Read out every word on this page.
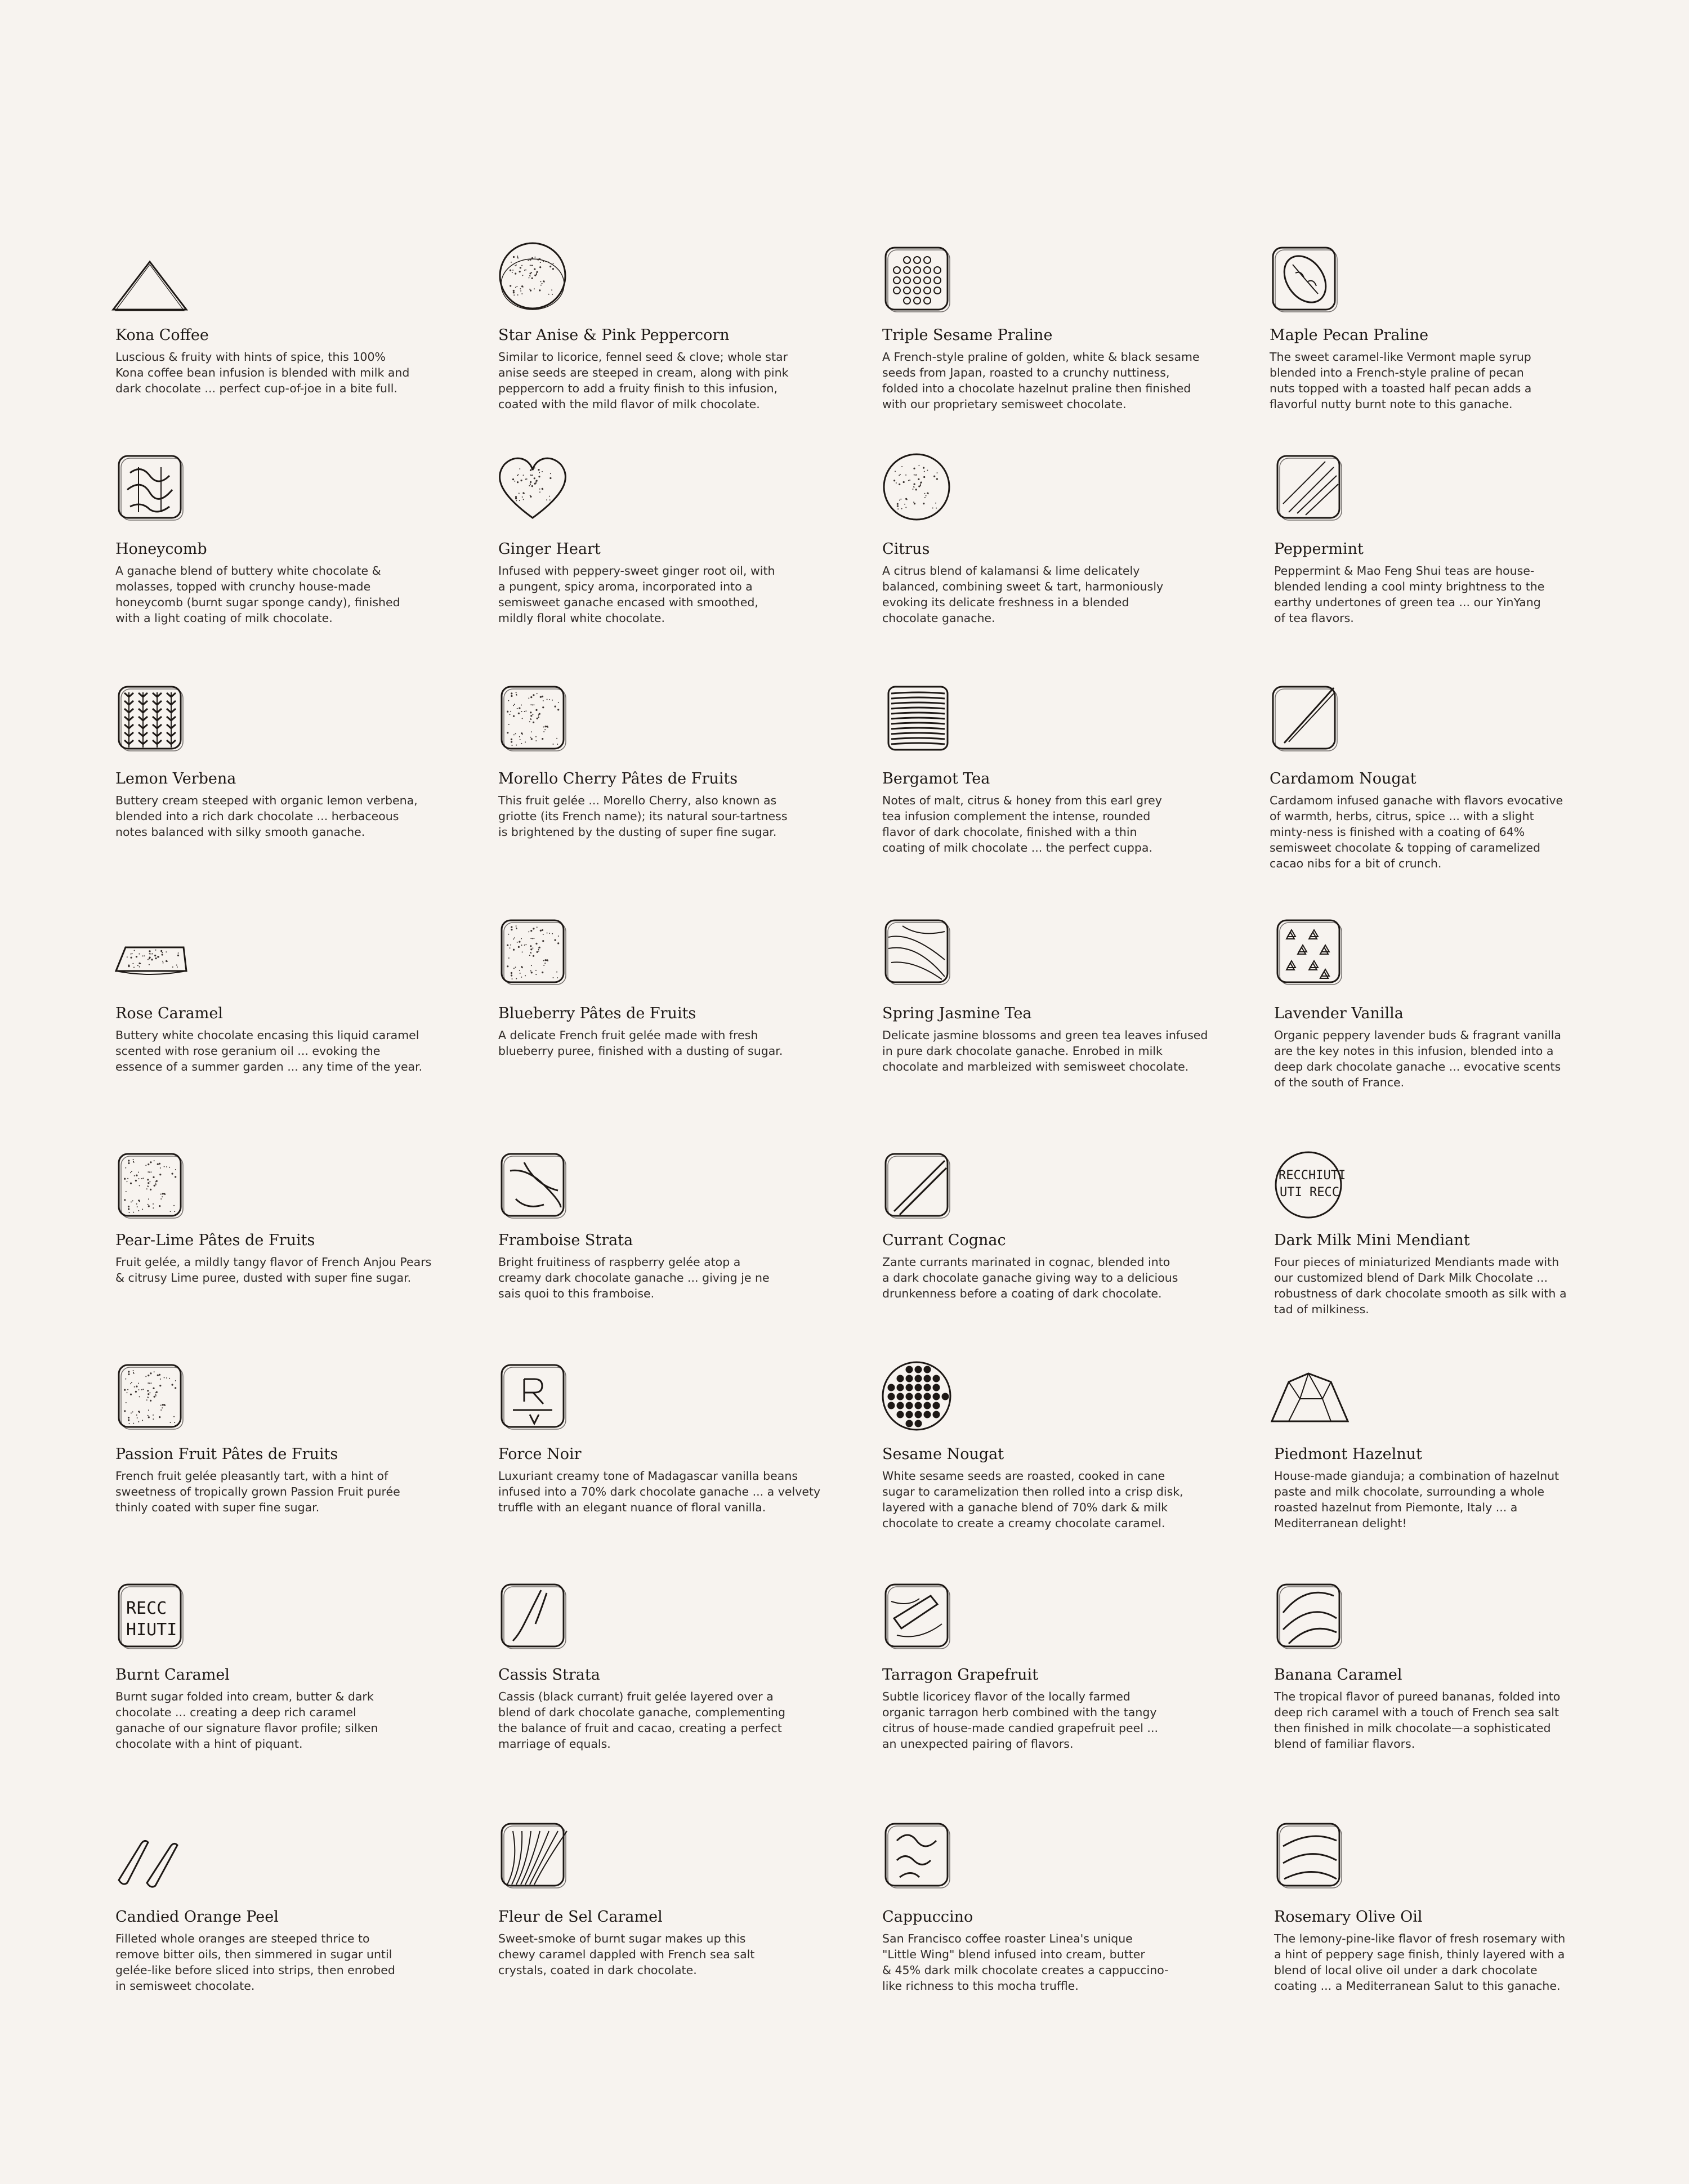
Kona Coffee

Luscious & fruity with hints of spice, this 100%
Kona coffee bean infusion is blended with milk and
dark chocolate ... perfect cup-of-joe in a bite full.

Star Anise & Pink Peppercorn

Similar to licorice, fennel seed & clove; whole star
anise seeds are steeped in cream, along with pink
peppercorn to add a fruity finish to this infusion,
coated with the mild flavor of milk chocolate.

Triple Sesame Praline

A French-style praline of golden, white & black sesame
seeds from Japan, roasted to a crunchy nuttiness,
folded into a chocolate hazelnut praline then finished
with our proprietary semisweet chocolate.

Maple Pecan Praline

The sweet caramel-like Vermont maple syrup
blended into a French-style praline of pecan
nuts topped with a toasted half pecan adds a
flavorful nutty burnt note to this ganache.

Honeycomb

A ganache blend of buttery white chocolate &
molasses, topped with crunchy house-made
honeycomb (burnt sugar sponge candy), finished
with a light coating of milk chocolate.

Ginger Heart

Infused with peppery-sweet ginger root oil, with
a pungent, spicy aroma, incorporated into a
semisweet ganache encased with smoothed,
mildly floral white chocolate.

Citrus

A citrus blend of kalamansi & lime delicately
balanced, combining sweet & tart, harmoniously
evoking its delicate freshness in a blended
chocolate ganache.

Peppermint

Peppermint & Mao Feng Shui teas are house-
blended lending a cool minty brightness to the
earthy undertones of green tea ... our YinYang
of tea flavors.

Lemon Verbena

Buttery cream steeped with organic lemon verbena,
blended into a rich dark chocolate ... herbaceous
notes balanced with silky smooth ganache.

Morello Cherry Pâtes de Fruits

This fruit gelée ... Morello Cherry, also known as
griotte (its French name); its natural sour-tartness
is brightened by the dusting of super fine sugar.

Bergamot Tea

Notes of malt, citrus & honey from this earl grey
tea infusion complement the intense, rounded
flavor of dark chocolate, finished with a thin
coating of milk chocolate ... the perfect cuppa.

Cardamom Nougat

Cardamom infused ganache with flavors evocative
of warmth, herbs, citrus, spice ... with a slight
minty-ness is finished with a coating of 64%
semisweet chocolate & topping of caramelized
cacao nibs for a bit of crunch.

Rose Caramel

Buttery white chocolate encasing this liquid caramel
scented with rose geranium oil ... evoking the
essence of a summer garden ... any time of the year.

Blueberry Pâtes de Fruits

A delicate French fruit gelée made with fresh
blueberry puree, finished with a dusting of sugar.

Spring Jasmine Tea

Delicate jasmine blossoms and green tea leaves infused
in pure dark chocolate ganache. Enrobed in milk
chocolate and marbleized with semisweet chocolate.

Lavender Vanilla

Organic peppery lavender buds & fragrant vanilla
are the key notes in this infusion, blended into a
deep dark chocolate ganache ... evocative scents
of the south of France.

Pear-Lime Pâtes de Fruits

Fruit gelée, a mildly tangy flavor of French Anjou Pears
& citrusy Lime puree, dusted with super fine sugar.

Framboise Strata

Bright fruitiness of raspberry gelée atop a
creamy dark chocolate ganache ... giving je ne
sais quoi to this framboise.

Currant Cognac

Zante currants marinated in cognac, blended into
a dark chocolate ganache giving way to a delicious
drunkenness before a coating of dark chocolate.

RECCHIUTI
UTI RECC
Dark Milk Mini Mendiant

Four pieces of miniaturized Mendiants made with
our customized blend of Dark Milk Chocolate ...
robustness of dark chocolate smooth as silk with a
tad of milkiness.

Passion Fruit Pâtes de Fruits

French fruit gelée pleasantly tart, with a hint of
sweetness of tropically grown Passion Fruit purée
thinly coated with super fine sugar.

Force Noir

Luxuriant creamy tone of Madagascar vanilla beans
infused into a 70% dark chocolate ganache ... a velvety
truffle with an elegant nuance of floral vanilla.

Sesame Nougat

White sesame seeds are roasted, cooked in cane
sugar to caramelization then rolled into a crisp disk,
layered with a ganache blend of 70% dark & milk
chocolate to create a creamy chocolate caramel.

Piedmont Hazelnut

House-made gianduja; a combination of hazelnut
paste and milk chocolate, surrounding a whole
roasted hazelnut from Piemonte, Italy ... a
Mediterranean delight!

RECC
HIUTI
Burnt Caramel

Burnt sugar folded into cream, butter & dark
chocolate ... creating a deep rich caramel
ganache of our signature flavor profile; silken
chocolate with a hint of piquant.

Cassis Strata

Cassis (black currant) fruit gelée layered over a
blend of dark chocolate ganache, complementing
the balance of fruit and cacao, creating a perfect
marriage of equals.

Tarragon Grapefruit

Subtle licoricey flavor of the locally farmed
organic tarragon herb combined with the tangy
citrus of house-made candied grapefruit peel ...
an unexpected pairing of flavors.

Banana Caramel

The tropical flavor of pureed bananas, folded into
deep rich caramel with a touch of French sea salt
then finished in milk chocolate—a sophisticated
blend of familiar flavors.

Candied Orange Peel

Filleted whole oranges are steeped thrice to
remove bitter oils, then simmered in sugar until
gelée-like before sliced into strips, then enrobed
in semisweet chocolate.

Fleur de Sel Caramel

Sweet-smoke of burnt sugar makes up this
chewy caramel dappled with French sea salt
crystals, coated in dark chocolate.

Cappuccino

San Francisco coffee roaster Linea's unique
"Little Wing" blend infused into cream, butter
& 45% dark milk chocolate creates a cappuccino-
like richness to this mocha truffle.

Rosemary Olive Oil

The lemony-pine-like flavor of fresh rosemary with
a hint of peppery sage finish, thinly layered with a
blend of local olive oil under a dark chocolate
coating ... a Mediterranean Salut to this ganache.
